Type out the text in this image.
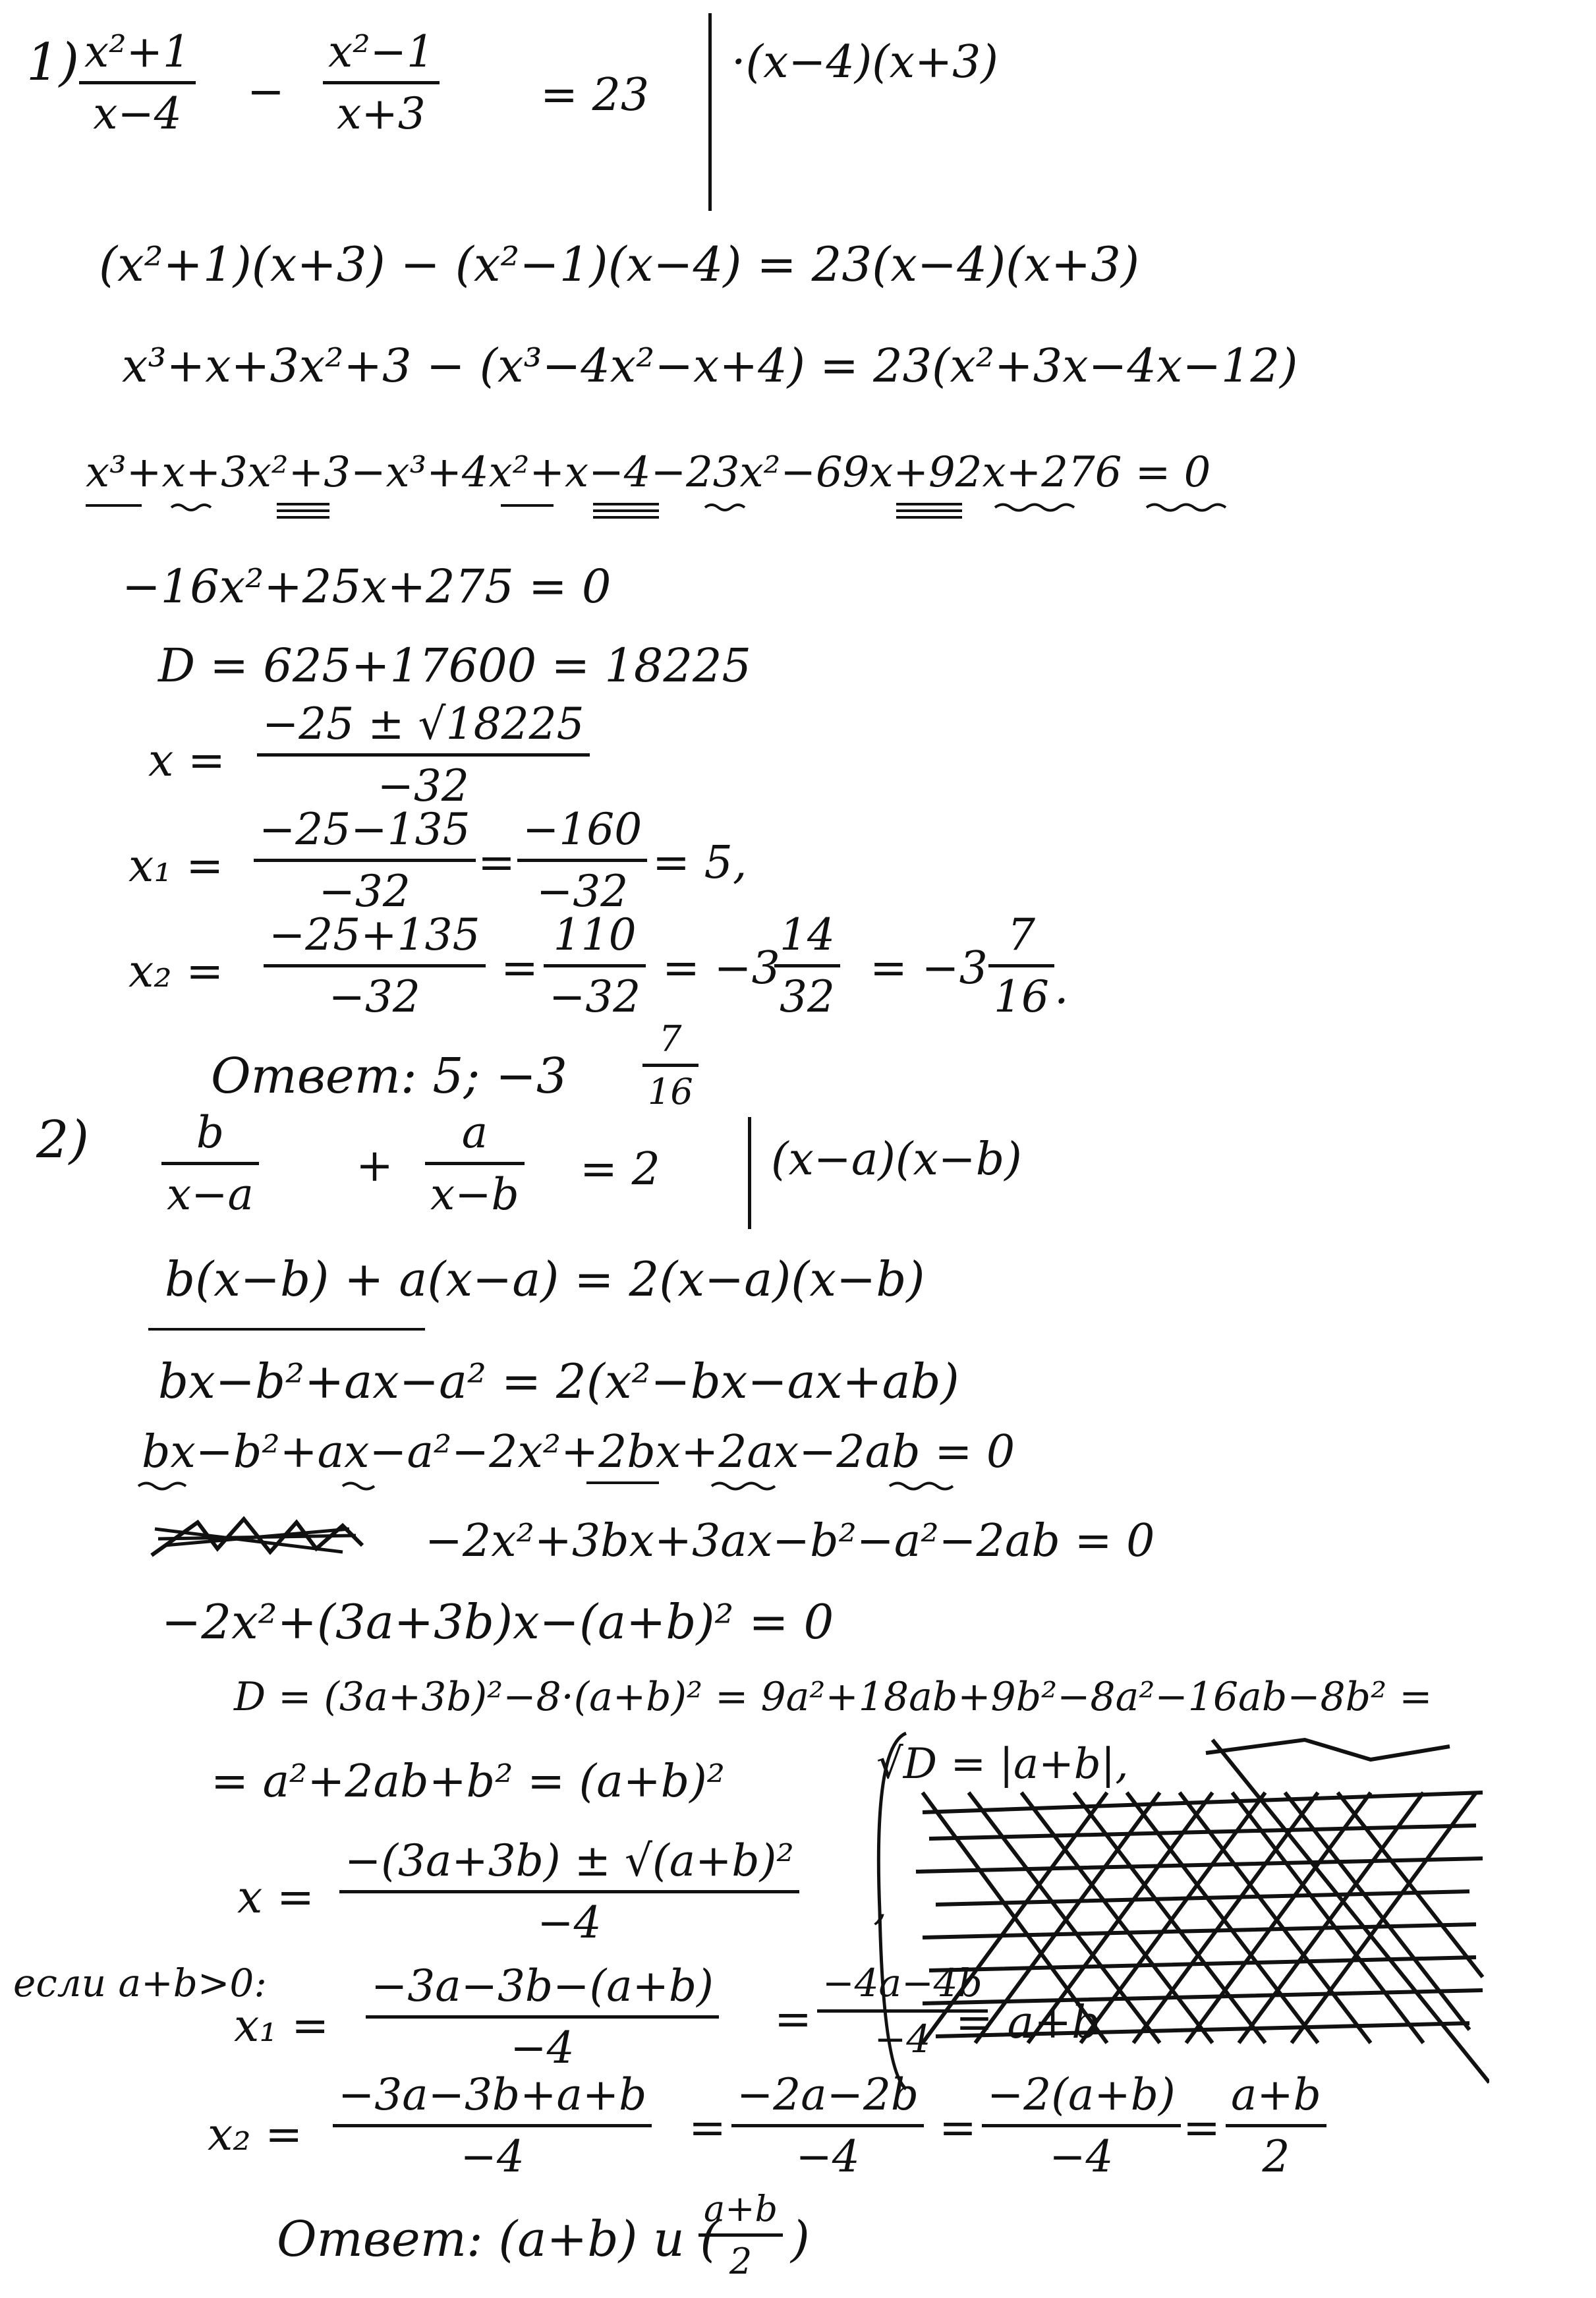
1) x²+1
x−4 −
x²−1
x+3	= 23
·(x−4)(x+3)
(x²+1)(x+3) − (x²−1)(x−4) = 23(x−4)(x+3)
x³+x+3x²+3 − (x³−4x²−x+4) = 23(x²+3x−4x−12)
x³+x+3x²+3−x³+4x²+x−4−23x²−69x+92x+276 = 0
−16x²+25x+275 = 0
D = 625+17600 = 18225
x =
−25 ± √18225
−32
x₁ =
−25−135
−32
=
−160
−32
= 5,
x₂ =
−25+135
−32
=
110
−32
= −3
14
32
= −3
7
16 .
Ответ: 5; −3
7
16
2) b
x−a
+
a
x−b = 2 (x−a)(x−b)
b(x−b) + a(x−a) = 2(x−a)(x−b)
bx−b²+ax−a² = 2(x²−bx−ax+ab)
bx−b²+ax−a²−2x²+2bx+2ax−2ab = 0
−2x²+3bx+3ax−b²−a²−2ab = 0
−2x²+(3a+3b)x−(a+b)² = 0
D = (3a+3b)²−8·(a+b)² = 9a²+18ab+9b²−8a²−16ab−8b² =
= a²+2ab+b² = (a+b)²	√D = |a+b|,
x =
−(3a+3b) ± √(a+b)²
−4	,
если a+b>0:
x₁ =
−3a−3b−(a+b)
−4
=
−4a−4b
−4 = a+b
x₂ =
−3a−3b+a+b
−4
=
−2a−2b
−4
=
−2(a+b)
−4
=
a+b
2
Ответ: (a+b) и (
a+b
2 )
